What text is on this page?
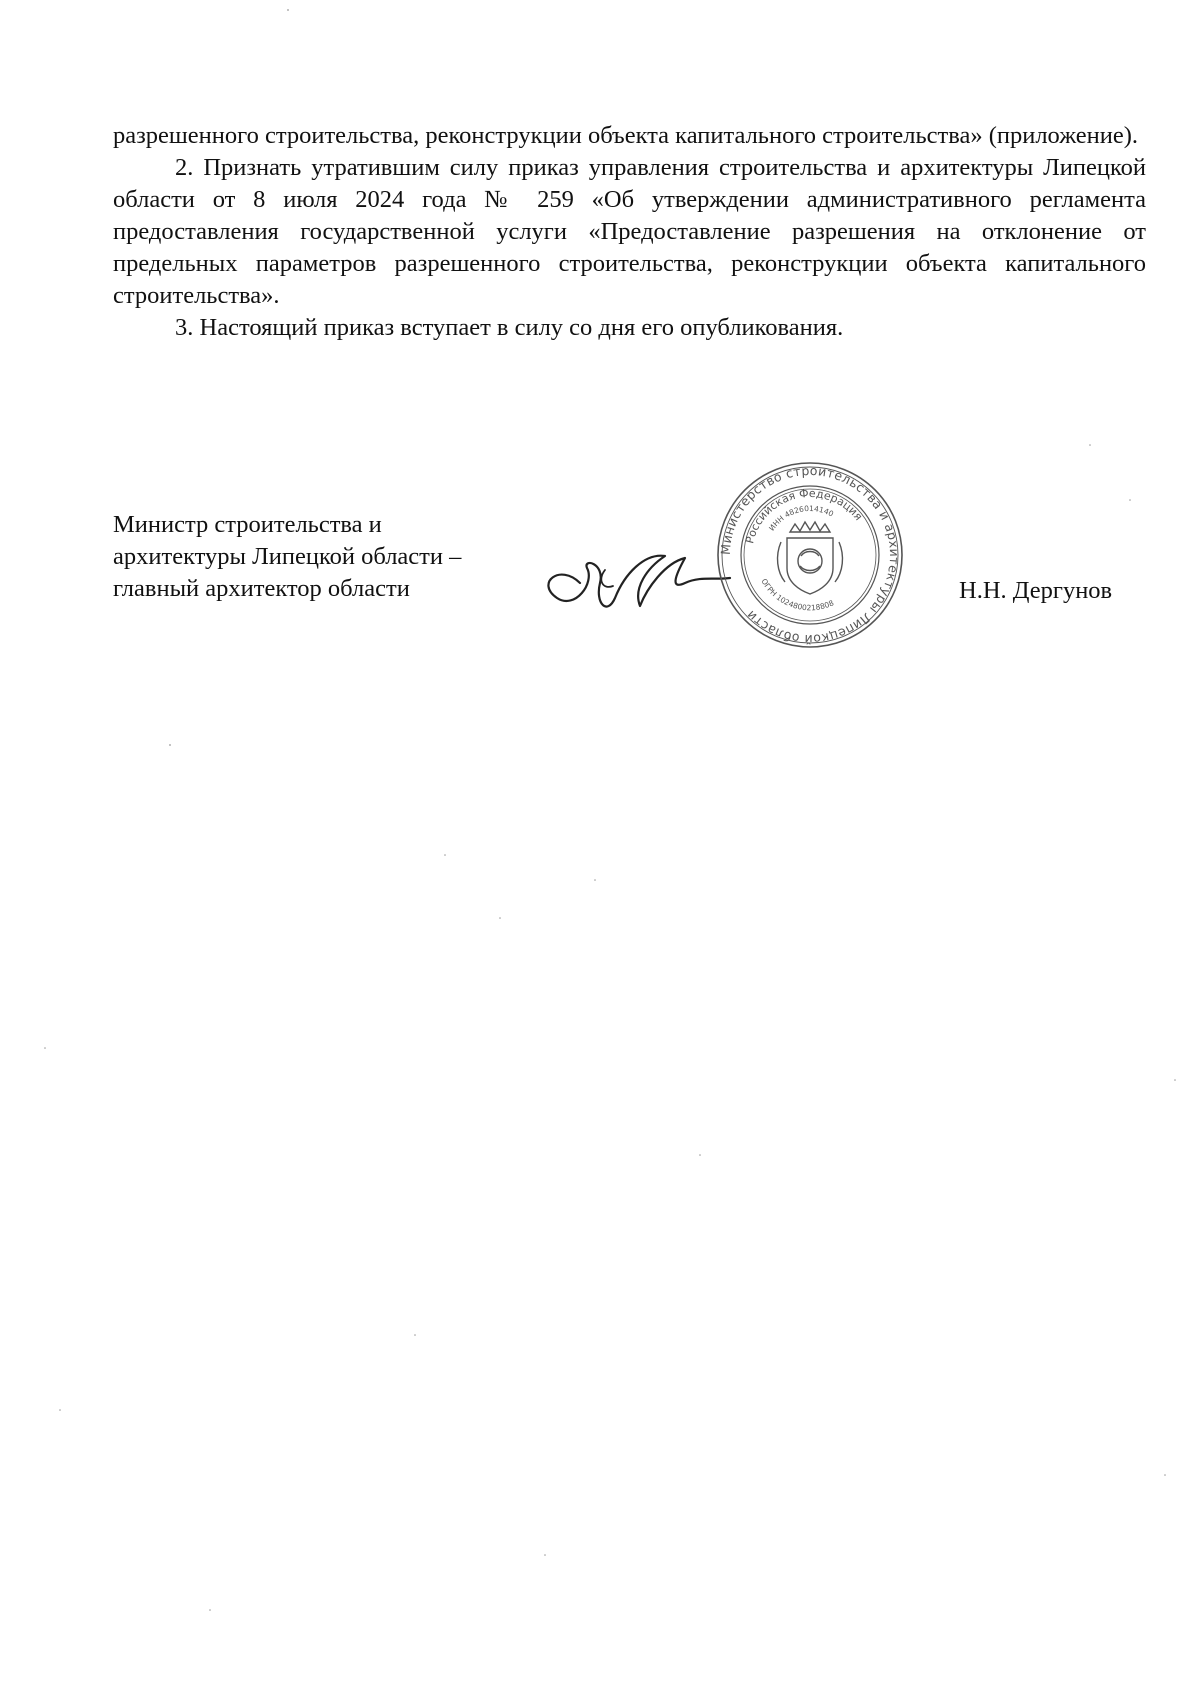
разрешенного строительства, реконструкции объекта капитального строительства» (приложение).

2. Признать утратившим силу приказ управления строительства и архитектуры Липецкой области от 8 июля 2024 года № 259 «Об утверждении административного регламента предоставления государственной услуги «Предоставление разрешения на отклонение от предельных параметров разрешенного строительства, реконструкции объекта капитального строительства».

3. Настоящий приказ вступает в силу со дня его опубликования.

Министр строительства и
архитектуры Липецкой области –
главный архитектор области
Министерство строительства и архитектуры Липецкой области
Российская Федерация
ИНН 4826014140
ОГРН 1024800218808	Н.Н. Дергунов
